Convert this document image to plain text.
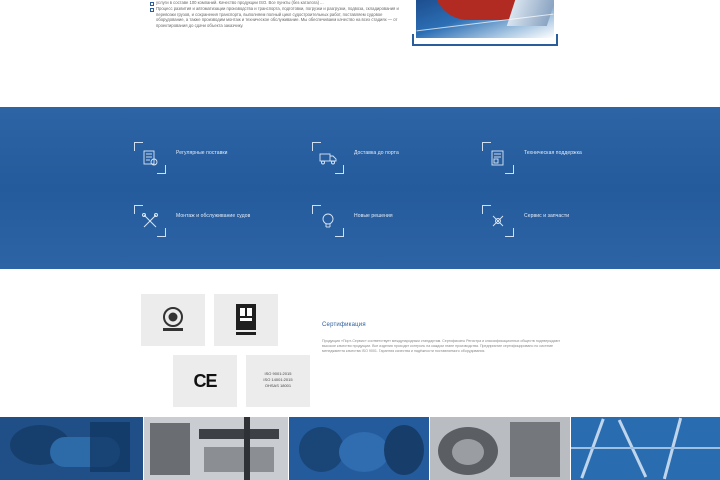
услуги в составе 100 компаний. Качество продукции ISO. Все пункты (без каталога) ...

Процесс развития и автоматизации производства и транспорта, подготовки, погрузки и разгрузки, подвоза, складирования и перевозки грузов, и сохранения транспорта, выполняем полный цикл судостроительных работ, поставляем судовое оборудование, а также производим монтаж и техническое обслуживание. Мы обеспечиваем качество на всех стадиях — от проектирования до сдачи объекта заказчику.

Регулярные поставки	Доставка до порта	Техническая поддержка
Монтаж и обслуживание судов	Новые решения	Сервис и запчасти
CE	ISO 9001:2015
ISO 14001:2015
OHSAS 18001
Сертификация
Продукция «Порт-Сервис» соответствует международным стандартам. Сертификаты Регистра и классификационных обществ подтверждают высокое качество продукции. Все изделия проходят контроль на каждом этапе производства. Предприятие сертифицировано по системе менеджмента качества ISO 9001. Гарантия качества и надёжности поставляемого оборудования.
